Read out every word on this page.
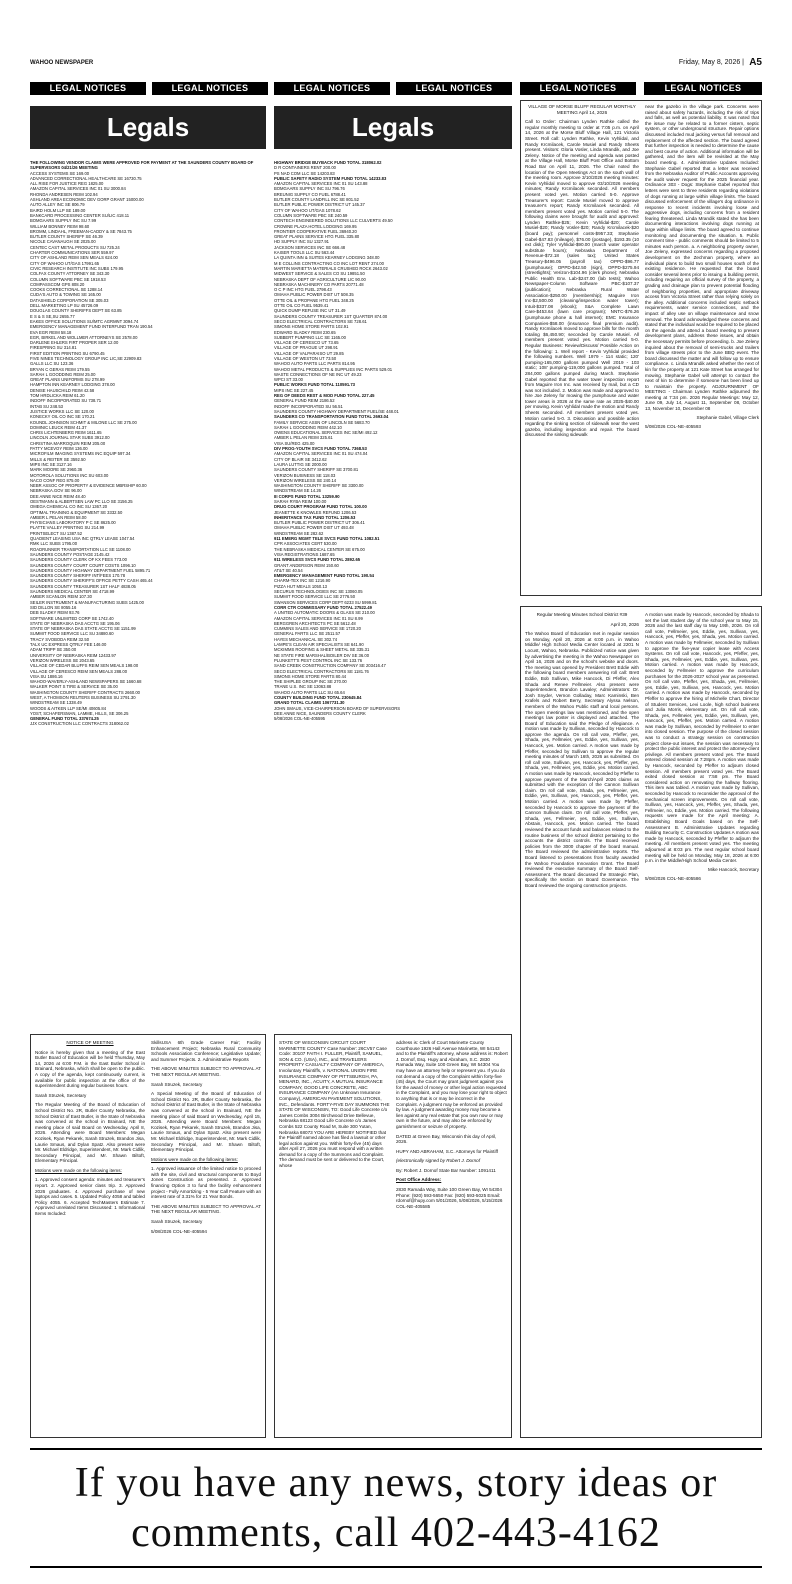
WAHOO NEWSPAPER	Friday, May 8, 2026 | A5
LEGAL NOTICES	LEGAL NOTICES	LEGAL NOTICES	LEGAL NOTICES	LEGAL NOTICES	LEGAL NOTICES
Legals	Legals
THE FOLLOWING VENDOR CLAIMS WERE APPROVED FOR PAYMENT AT THE SAUNDERS COUNTY BOARD OF SUPERVISORS 04/21/26 MEETING
ACCESS SYSTEMS SE 169.00
ADVANCED CORRECTIONAL HEALTHCARE SE 16730.75
ALL RISE FOR JUSTICE REG 1825.00
AMAZON CAPITAL SERVICES INC 01 SU 3000.84
RHONDA ANDRESEN REIM 102.94
ASHLAND AREA ECONOMIC DEV GORP GRANT 15000.00
AUTO ALLEY INC SE 806.79
BAIRD HOLM LLP SE 189.00
BANKCARD PROCESSING CENTER SU/LIC 418.11
BOMGAARS SUPPLY INC SU 7.99
WILLIAM BONNEY REIM 98.60
BROMM, LINDAHL, FREEMAN-CADDY & SE 7843.75
BUTLER COUNTY SHERIFF SE 46.39
NICOLE CAVANAUGH SE 2025.00
CENTEC CAST METAL PRODUCTS SU 725.24
CHARTER COMMUNICATIONS SER 559.97
CITY OF ASHLAND REIM SEN MEALS 624.00
CITY OF WAHOO UT/GAS 17991.65
CIVIC RESEARCH INSTITUTE INC SUBS 179.95
COLFAX COUNTY ATTORNEY SE 343.30
COLUMN SOFTWARE PBC SE 1918.53
COMPASSCOM GPS 808.20
COOKS CORRECTIONAL SE 1288.14
CUDA'S AUTO & TOWING SE 165.00
DATASHIELD CORPORATION SE 305.03
DELL MARKETING LP SU 45726.09
DOUGLAS COUNTY SHERIFFS DEPT SE 63.85
E S & S SE,SU 2655.77
EAKES OFFICE SOLUTIONS SU/MTC AGRMNT 3094.74
EMERGENCY MANAGEMENT FUND INTERFUND TRAN 190.54
EVA EGR REIM 58.18
EGR, BIRKEL AND WOLLMER ATTORNEYS SE 2578.00
DARLENE EHLERS FIRT PROPER SER 12.00
FIRESPRING SU 314.81
FIRST EDITION PRINTING SU 6790.45
FIVE NINES TECHNOLOGY GROUP INC LIC,SE 22909.83
GALLS LLC SU 123.36
BRYAN C GERAS REIM 179.55
SARAH L GOODDING REIM 25.00
GREAT PLAINS UNIFORMS SU 278.99
HAMPTON INN KEARNEY LODGING 378.00
DENISE HAUSCHILD REIM 42.58
TOM HRDLICKA REIM 61.20
INDOFF INCORPORATED SU 738.71
INTAB SU 248.53
JUSTICE WORKS LLC SE 120.00
KONECKY OIL CO INC SE 170.21
KOUNDL JOHNSON SCHMIT & MILONE LLC SE 275.00
DOMINIC LEUCK REIM 41.37
CHRIS LICHTENBERG REIM 1611.65
LINCOLN JOURNAL STAR SUBS 3912.00
CHRISTINA MARROQUIN REIM 205.00
PATTY MCEVOY REIM 136.00
MICROFILM IMAGING SYSTEMS INC EQUIP 597.34
MILLS & REITER SE 3592.50
MIPS INC SE 3127.16
MARK MOORE SE 2960.36
MOTOROLA SOLUTIONS INC SU 603.00
NACO CONF REG 875.00
NEBR ASSOC OF PROPERTY & EVIDENCE MBRSHIP 60.00
NEBRASKA.GOV SE 96.00
DEE ANNE NICE REIM 48.40
OESTMANN & ALBERTSEN LAW PC LLO SE 3156.25
OMEGA CHEMICAL CO INC SU 1367.20
OPTIMAL TRAINING & EQUIPMENT SE 3332.50
AMBER L PELAN REIM 58.00
PHYSICIANS LABORATORY P C SE 8625.00
PLATTE VALLEY PRINTING SU 214.99
PRINTSELECT SU 1387.52
QUADIENT LEASING USA INC QTRLY LEASE 1047.54
RMK LLC SUBS 1795.00
ROADRUNNER TRANSPORTATION LLC SE 1108.00
SAUNDERS COUNTY POSTAGE 2145.42
SAUNDERS COUNTY CLERK OF KX FEES 773.00
SAUNDERS COUNTY COURT COURT COSTS 1096.10
SAUNDERS COUNTY HIGHWAY DEPARTMENT FUEL 5895.71
SAUNDERS COUNTY SHERIFF INT/FEES 170.78
SAUNDERS COUNTY SHERIFF'S OFFICE PETTY CASH 465.44
SAUNDERS COUNTY TREASURER 1ST HALF 4838.05
SAUNDERS MEDICAL CENTER SE 4718.99
AMBER SCANLON REIM 107.30
SEILER INSTRUMENT & MANUFACTURING SUBS 1425.00
SID DILLON SE 8055.16
DEB SLADKY REIM 93.76
SOFTWARE UNLIMITED CORP SE 1742.40
STATE OF NEBRASKA DAS ACCTG SE 195.06
STATE OF NEBRASKA DAS STATE ACCTG SE 1151.99
SUMMIT FOOD SERVICE LLC SU 34880.60
TRACY SVOBODA REIM 32.50
TALX UC EXPRESS QTRLY FEE 146.00
ADAM TRIPP SE 350.00
UNIVERSITY OF NEBRASKA REIM 12433.97
VERIZON WIRELESS SE 2043.65
VILLAGE OF CEDAR BLUFFS REIM SEN MEALS 198.00
VILLAGE OF CERESCO REIM SEN MEALS 288.00
VISA SU 1886.16
WAHOO-WAVERLY-ASHLAND NEWSPAPERS SE 1660.68
WALKER POINT S TIRE & SERVICE SE 35.00
WASHINGTON COUNTY SHERIFF CONTRACTS 2660.00
WEST, A THOMSON REUTERS BUSINESS SU 2791.30
WINDSTREAM SE 1338.49
WOODS & AITKEN LLP SE/MI 40605.84
YOST, SCHAFERSMAN, LAMME, HILLS, SE 306.25
GENERAL FUND TOTAL 337674.25
JJX CONSTRUCTION LLC CONTRACTS 318062.02
HIGHWAY BRIDGE BUYBACK FUND TOTAL 318062.02
D R CONTAINERS RENT 200.00
PS NAD COM LLC SE 14203.83
PUBLIC SAFETY RADIO SYSTEM FUND TOTAL 14233.83
AMAZON CAPITAL SERVICES INC 01 SU 143.88
BOMGAARS SUPPLY INC SU 796.76
BREUNIG SUPPLY CO FUEL 6788.41
BUTLER COUNTY LANDFILL INC SE 801.52
BUTLER PUBLIC POWER DISTRICT UT 145.37
CITY OF WAHOO UT/GAS 1078.62
COLUMN SOFTWARE PBC SE 240.59
CONTECH ENGINEERED SOLUTIONS LLC CULVERTS 49.50
CROWNE PLAZA HOTEL LODGING 169.95
FRONTIER COOPERATIVE FUEL 36940.20
GREAT PLAINS SERVICE HTG FUEL 335.80
HD SUPPLY INC SU 1327.91
JACKSON SERVICES INC SE 666.48
KAISER TOOLS LLC SU 563.44
LA QUINTA INN & SUITES KEARNEY LODGING 348.00
M E COLLINS CONTRACTING CO INC LOT RENT 274.00
MARTIN MARIETTA MATERIALS CRUSHED ROCK 2643.02
MIDWEST SERVICE & SALES CO SU 19851.50
NEBRASKA DEPT OF AGRICULTURE LIC 90.00
NEBRASKA MACHINERY CO PARTS 20771.48
O C P INC HTG FUEL 2798.43
OMAHA PUBLIC POWER DIST UT 508.35
OTTE OIL & PROPANE HTG FUEL 348.25
OTTE OIL CO FUEL 9539.41
QUICK DUMP REFUSE INC UT 31.49
SAUNDERS COUNTY TREASURER 1ST QUARTER 874.00
SECO ELECTRICAL CONTRACTORS SE 728.61
SIMONS HOME STORE PARTS 102.91
EDWARD SLADKY REIM 230.65
SUBBERT PUMPING LLC SE 1165.00
VILLAGE OF CERESCO UT 73.65
VILLAGE OF PRAGUE UT 298.91
VILLAGE OF VALPARAISO UT 29.85
VILLAGE OF WESTON UT 73.50
WAHOO AUTO PARTS LLC PARTS 814.95
WAHOO METAL PRODUCTS & SUPPLIES INC PARTS 529.01
WASTE CONNECTIONS OF NE INC UT 49.23
WPCI ST 33.00
PUBLIC WORKS FUND TOTAL 110591.73
MIPS INC SE 227.45
REG OF DEEDS REST & MOD FUND TOTAL 227.45
GENERAL FUND REIM 2186.52
INDOFF INCORPORATED SU 56.51
SAUNDERS COUNTY HIGHWAY DEPARTMENT FUEL/SE 448.01
SAUNDERS CO TRANSPORTATION FUND TOTAL 2693.04
FAMILY SERVICE ASSN OF LINCOLN SE 5683.70
SARAH L GOODDING REIM 442.10
OWENS EDUCATIONAL SERVICES INC SE/MI 492.12
AMBER L PELAN REIM 325.61
VISA SU/REG 425.00
DIV PROG-YOUTH SVCS FUND TOTAL 7368.53
AMAZON CAPITAL SERVICES INC 01 SU 474.04
CITY OF BLAIR SE 3412.62
LAURA LUTTIG SE 2000.00
SAUNDERS COUNTY SHERIFF SE 3700.81
VERIZON BUSINESS SE 118.03
VERIZON WIRELESS SE 240.14
WASHINGTON COUNTY SHERIFF SE 3300.00
WINDSTREAM SE 14.26
III CORPS FUND TOTAL 13259.90
SARAH RYBA REIM 100.00
DRUG COURT PROGRAM FUND TOTAL 100.00
JEANETTE K KNOWLES REFUND 1206.53
INHERITANCE TAX FUND TOTAL 1206.53
BUTLER PUBLIC POWER DISTRICT UT 306.41
OMAHA PUBLIC POWER DIST UT 493.48
WINDSTREAM SE 282.62
911 EMERG MGMT TELE SVCS FUND TOTAL 1082.51
CPR ASSOCIATES CERT 530.00
THE NEBRASKA MEDICAL CENTER SE 675.00
VISA REGISTRATIONS 1687.65
911 WIRELESS SVCS FUND TOTAL 2892.65
GRANT ANDERSON REIM 150.60
AT&T SE 40.54
EMERGENCY MANAGEMENT FUND TOTAL 190.54
CHARM-TEX INC SE 1216.90
PIZZA HUT MEALS 1050.13
SECURUS TECHNOLOGIES INC SE 13060.05
SUMMIT FOOD SERVICE LLC SE 2776.50
SWANSON SERVICES CORP DEPT 6233 SU 5999.81
CORR CTR COMMISSARY FUND TOTAL 27522.49
A UNITED AUTOMATIC DOORS & GLASS SE 210.00
AMAZON CAPITAL SERVICES INC 01 SU 8.99
BERGGREN ARCHITECTS PC SE 5612.48
CUMMINS SALES AND SERVICE SE 1720.20
GENERAL PARTS LLC SE 2511.57
HAYES MECHANICAL SE 302.74
LAMPE'S CLEAN AIR SPECIALISTS SE 641.90
MCKIMMS ROOFING & SHEET METAL SE 335.31
NE STATE FIRE MARSHAL/BOILER DIV SE 36.00
PLUNKETT'S PEST CONTROL INC SE 133.76
SAND CREEK CONSTRUCTION COMPANY SE 203416.47
SECO ELECTRICAL CONTRACTORS SE 1181.76
SIMONS HOME STORE PARTS 80.44
THE SHIPLEE GROUP INC SE 270.00
TRANE U.S. INC SE 13063.88
WAHOO AUTO PARTS LLC SU 65.64
COUNTY BUILDING FUND TOTAL 230645.84
GRAND TOTAL CLAIMS 1067731.30
JOHN SMAUS, VICE-CHAIRPERSON BOARD OF SUPERVISORS
DEE ANNE NICE, SAUNDERS COUNTY CLERK
5/08/2026 COL-NE-405595
VILLAGE OF MORSE BLUFF REGULAR MONTHLY MEETING April 14, 2026
Call to Order: Chairman Lynden Rathke called the regular monthly meeting to order at 7:05 p.m. on April 14, 2026 at the Morse Bluff Village Hall, 121 Victoria Street. Roll call: Lynden Rathke, Kevin Vyhlidal, and Randy Krcmilacek, Carole Musiel and Randy Sheets present. Visitors: Gloria Vosler, Linda Mrandik, and Joe Zeleny. Notice of the meeting and agenda was posted at the Village Hall, Morse Bluff Post Office and Bottom Road Bar on April 11, 2026. The Chair noted the location of the Open Meetings Act on the south wall of the meeting room. Approve 3/10/2026 meeting minutes: Kevin Vyhlidal moved to approve 03/10/2026 meeting minutes; Randy Krcmilacek seconded. All members present voted yes. Motion carried 5-0. Approve Treasurer's report: Carole Musiel moved to approve treasurer's report; Randy Krcmilacek seconded. All members present voted yes. Motion carried 5-0. The following claims were brought for audit and approved: Lynden Rathke-$25; Kevin Vyhlidal-$20; Carole Musiel-$20; Randy Vosler-$20; Randy Krcmilacek-$20 (board pay); personnel costs-$957.33; Stephanie Gabel-$47.83 (mileage), $76.00 (postage), $193.35 (10 ext disk); Tyler Vyhlidal-$90.00 (march water operator substitute hours); Nebraska Department of Revenue-$72.18 (sales tax); United States Treasury-$496.05 (payroll tax) OPPD-$96.77 (pumphouse); OPPD-$42.50 (sign), OPPD-$275.94 (streetlights); Verizon-$104.96 (clerk phone); Nebraska Public Health Env. Lab-$247.00 (lab tests); Wahoo Newspaper-Column Software PBC-$107.37 (publication); Nebraska Rural Water Association-$250.00 (membership); Maguire Iron Inc-$2,500.00 (cleaning/inspection water tower); Intuit-$337.08 (ebook); S&A Complete Lawn Care-$453.64 (lawn care program); NNTC-$76.26 (pumphouse phone & hall internet); EMC Insurance Companies-$58.00 (insurance final premium audit). Randy Krcmilacek moved to approve bills for the month totaling $6,450.90; seconded by Carole Musiel. All members present voted yes. Motion carried 5-0. Regular Business: Review/Discuss/ Possible Action on the following: 1. Well report - Kevin Vyhlidal provided the following numbers. Well 1979 - 114 static; 120' pumping-165,000 gallons pumped Well 2019 - 103 static; 108' pumping-119,000 gallons pumped. Total of 284,000 gallons pumped during March. Stephanie Gabel reported that the water tower inspection report from Maguire Iron Inc. was received by mail, but a CD was not included. 2. Motion was made and approved to hire Joe Zeleny for mowing the pumphouse and water tower areas in 2026 at the same rate as 2025-$40.00 per mowing. Kevin Vyhlidal made the motion and Randy Sheets seconded. All members present voted yes. Motion carried 5-0. 3. Discussion and possible action regarding the sinking section of sidewalk near the west gazebo, including inspection and repair. The board discussed the sinking sidewalk
near the gazebo in the village park. Concerns were raised about safety hazards, including the risk of trips and falls, as well as potential liability. It was noted that the issue may be related to a former cistern, septic system, or other underground structure. Repair options discussed included mud jacking versus full removal and replacement of the affected section. The board agreed that further inspection is needed to determine the cause and best course of action. Additional information will be gathered, and the item will be revisited at the May board meeting. 4. Administrative Updates Included: Stephanie Gabel reported that a letter was received from the Nebraska Auditor of Public Accounts approving the audit waiver request for the 2025 financial year. Ordinance 303 - Dogs: Stephanie Gabel reported that letters were sent to three residents regarding violations of dogs running at large within village limits. The board discussed enforcement of the village's dog ordinance in response to recent incidents involving loose and aggressive dogs, including concerns from a resident fearing threatened. Linda Mrandik stated she has been documenting interactions involving dogs running at large within village limits. The board agreed to continue monitoring and documenting the situation. 5. Public comment time - public comments should be limited to 5 minutes each person. a. A neighboring property owner, Joe Zeleny, expressed concerns regarding a proposed development on the Zechman property, where an individual plans to build two small houses south of the existing residence. He requested that the board consider several items prior to issuing a building permit, including requiring an official survey of the property, a grading and drainage plan to prevent potential flooding of neighboring properties, and appropriate driveway access from Victoria Street rather than relying solely on the alley. Additional concerns included septic setback requirements, water service connections, and the impact of alley use on village maintenance and snow removal. The board acknowledged these concerns and stated that the individual would be required to be placed on the agenda and attend a board meeting to present development plans, address these issues, and obtain the necessary permits before proceeding. b. Joe Zeleny inquired about the removal of semi-trucks and trailers from village streets prior to the June BBQ event. The board discussed the matter and will follow up to ensure compliance. c. Linda Mrandik asked whether the next of kin for the property at 121 Kate Street has arranged for mowing. Stephanie Gabel will attempt to contact the next of kin to determine if someone has been lined up to maintain the property. ADJOURNMENT OF MEETING - Chairman Lynden Rathke adjourned the meeting at 7:34 pm. 2026 Regular Meetings: May 12, June 09, July 14, August 11, September 08, October 13, November 10, December 08

Stephanie Gabel, Village Clerk

5/08/2026 COL-NE-405593

Regular Meeting Minutes School District #39
April 20, 2026
The Wahoo Board of Education met in regular session on Monday, April 20, 2026 at 6:00 p.m. in Wahoo Middle/ High School Media Center located at 2201 N Locust, Wahoo, Nebraska. Publicized notice was given by advertising the meeting in the Wahoo Newspaper on April 16, 2026 and on the school's website and doors. The meeting was opened by President Brett Eddie with the following board members answering roll call: Brett Eddie, Bob Sullivan, Mike Hancock, Di Pfeffer, Alex Shada and Renee Fellmeier. Also present were Superintendent, Brandon Lavaley; Administrators: Dr. Josh Snyder, Vernon Golladay, Marc Kaminski, Ben Krafels and Robert Berry, Secretary Alyssa Nelson, members of the Wahoo Public staff and local persons. The open meetings law was mentioned, and the open meetings law poster is displayed and attached. The Board of Education said the Pledge of Allegiance. A motion was made by Sullivan, seconded by Hancock to approve the agenda. On roll call vote, Pfeffer, yes, Shada, yes, Fellmeier, yes, Eddie, yes, Sullivan, yes, Hancock, yes. Motion carried. A motion was made by Pfeffer, seconded by Sullivan to approve the regular meeting minutes of March 16th, 2026 as submitted. On roll call vote, Sullivan, yes, Hancock, yes, Pfeffer, yes, Shada, yes, Fellmeier, yes, Eddie, yes. Motion carried. A motion was made by Hancock, seconded by Pfeffer to approve payment of the March/April 2026 claims as submitted with the exception of the Cannon Sullivan claim. On roll call vote, Shada, yes, Fellmeier, yes, Eddie, yes, Sullivan, yes, Hancock, yes, Pfeffer, yes. Motion carried. A motion was made by Pfeffer, seconded by Hancock to approve the payment of the Cannon Sullivan claim. On roll call vote, Pfeffer, yes, Shada, yes, Fellmeier, yes, Eddie, yes, Sullivan, Abstain, Hancock, yes. Motion carried. The board reviewed the account funds and balances related to the routine business of the school district pertaining to the accounts the district controls. The Board received policies from the 3000 chapter of the board manual. The Board reviewed the administrative reports. The Board listened to presentations from faculty awarded the Wahoo Foundation Innovation Grant. The Board reviewed the executive summary of the Board Self-Assessment. The Board discussed the Strategic Plan, specifically the section on Board Governance. The Board reviewed the ongoing construction projects.
A motion was made by Hancock, seconded by Shada to set the last student day of the school year to May 15, 2026 and the last staff day to May 19th, 2026. On roll call vote, Fellmeier, yes, Eddie, yes, Sullivan, yes, Hancock, yes, Pfeffer, yes, Shada, yes. Motion carried. A motion was made by Fellmeier, seconded by Sullivan to approve the five-year copier lease with Access Systems. On roll call vote, Hancock, yes, Pfeffer, yes, Shada, yes, Fellmeier, yes, Eddie, yes, Sullivan, yes. Motion carried. A motion was made by Hancock, seconded by Fellmeier to approve the curriculum purchases for the 2026-2027 school year as presented. On roll call vote, Pfeffer, yes, Shada, yes, Fellmeier, yes, Eddie, yes, Sullivan, yes, Hancock, yes. Motion carried. A motion was made by Hancock, seconded by Pfeffer to approve the hiring of Michelle Chart, Director of Student Services, Levi Loole, high school business and Julia Morris, elementary art. On roll call vote, Shada, yes, Fellmeier, yes, Eddie, yes, Sullivan, yes, Hancock, yes, Pfeffer, yes. Motion carried. A motion was made by Sullivan, seconded by Fellmeier to enter into closed session. The purpose of the closed session was to conduct a strategy session on construction project close-out issues, the session was necessary to protect the public interest and protect the attorney-client privilege. All members present voted yes. The Board entered closed session at 7:28pm. A motion was made by Hancock, seconded by Pfeffer to adjourn closed session. All members present voted yes. The Board exited closed session at 7:58 pm. The Board considered action on renovating the hallway flooring. This item was tabled. A motion was made by Sullivan, seconded by Hancock to reconsider the approval of the mechanical screen improvements. On roll call vote, Sullivan, yes, Hancock, yes, Pfeffer, yes, Shada, yes, Fellmeier, no, Eddie, yes. Motion carried. The following requests were made for the April meeting: A. Establishing Board Goals based on the Self-Assessment B. Administrative Updates regarding Building Security C. Construction Updates A motion was made by Hancock, seconded by Pfeffer to adjourn the meeting. All members present voted yes. The meeting adjourned at 8:03 pm. The next regular school board meeting will be held on Monday, May 18, 2026 at 6:00 p.m. in the Middle/High School Media Center.

Mike Hancock, Secretary

5/08/2026 COL-NE-405586

NOTICE OF MEETING

Notice is hereby given that a meeting of the East Butler Board of Education will be held Thursday, May 14, 2026 at 6:00 P.M. in the East Butler School in Brainard, Nebraska, which shall be open to the public. A copy of the agenda, kept continuously current, is available for public inspection at the office of the superintendent during regular business hours.

Sarah Struzek, Secretary

The Regular Meeting of the Board of Education of School District No. 2R, Butler County Nebraska, the School District of East Butler, in the State of Nebraska was convened at the school in Brainard, NE the meeting place of said Board on Wednesday, April 8, 2026. Attending were Board Members: Megan Kozisek, Ryan Pekarek, Sarah Struzek, Brandon Jisa, Laurie Smaus, and Dylan Spatz. Also present were Mr. Michael Eldridge, Superintendent, Mr. Mark Cidlik, Secondary Principal, and Mr. Shawn Biltoft, Elementary Principal.

Motions were made on the following items:

1. Approved consent agenda: minutes and treasurer's report. 2. Approved senior class trip. 3. Approved 2026 graduates. 4. Approved purchase of new laptops and cases. 5. Updated Policy 4058 and tabled Policy 4055. 6. Accepted TechMasters Estimate 7. Approved unrelated Items Discussed: 1 Informational Items Included:

SkillsUSA 6th Grade Career Fair; Facility Enhancement Project; Nebraska Rural Community Schools Association Conference; Legislative Update; and Summer Projects. 2. Administrative Reports

THE ABOVE MINUTES SUBJECT TO APPROVAL AT THE NEXT REGULAR MEETING.

Sarah Struzek, Secretary

A Special Meeting of the Board of Education of School District No. 2R, Butler County Nebraska, the School District of East Butler, in the State of Nebraska was convened at the school in Brainard, NE the meeting place of said Board on Wednesday, April 15, 2026. Attending were Board Members: Megan Kozisek, Ryan Pekarek, Sarah Struzek, Brandon Jisa, Laurie Smaus, and Dylan Spatz. Also present were Mr. Michael Eldridge, Superintendent, Mr. Mark Cidlik, Secondary Principal, and Mr. Shawn Biltoft, Elementary Principal.

Motions were made on the following items:

1. Approved issuance of the limited notice to proceed with the site, civil and structural components to Boyd Jones Construction as presented. 2. Approved financing Option 3 to fund the facility enhancement project - Fully Amortizing - 5 Year Call Feature with an interest rate of 3.31% for 21 Year Bonds.

THE ABOVE MINUTES SUBJECT TO APPROVAL AT THE NEXT REGULAR MEETING.

Sarah Struzek, Secretary

5/08/2026 COL-NE-405594

STATE OF WISCONSIN CIRCUIT COURT MARINETTE COUNTY Case Number: 26CV57 Case Code: 30107 FAITH I. FULLER, Plaintiff, SAMUEL, SON & CO. (USA), INC., and TRAVELERS PROPERTY CASUALTY COMPANY OF AMERICA, Involuntary Plaintiffs, v. NATIONAL UNION FIRE INSURANCE COMPANY OF PITTSBURGH, PA, MENARD, INC., ACUITY, A MUTUAL INSURANCE COMPANY, GOOD LIFE CONCRETE, ABC INSURANCE COMPANY (An Unknown Insurance Company), AMERICAN PAVEMENT SOLUTIONS, INC., Defendants. FORTY-FIVE DAY SUMMONS THE STATE OF WISCONSIN, TO: Good Life Concrete c/o James Combs 3004 Birchwood Drive Bellevue, Nebraska 68123 Good Life Concrete c/o James Combs 522 County Road M, Suite 300 Yutan, Nebraska 68073 YOU ARE HEREBY NOTIFIED that the Plaintiff named above has filed a lawsuit or other legal action against you. Within forty-five (45) days after April 27, 2026 you must respond with a written demand for a copy of the Summons and Complaint. The demand must be sent or delivered to the Court, whose

address is: Clerk of Court Marinette County Courthouse 1926 Hall Avenue Marinette, WI 54143 and to the Plaintiff's attorney, whose address is: Robert J. Dornof, Esq. Hupy and Abraham, S.C. 2830 Ramada Way, Suite 100 Green Bay, WI 54304 You may have an attorney help or represent you. If you do not demand a copy of the Complaint within forty-five (45) days, the Court may grant judgment against you for the award of money or other legal action requested in the Complaint, and you may lose your right to object to anything that is or may be incorrect in the Complaint. A judgment may be enforced as provided by law. A judgment awarding money may become a lien against any real estate that you own now or may own in the future, and may also be enforced by garnishment or seizure of property.

DATED at Green Bay, Wisconsin this day of April, 2026.

HUPY AND ABRAHAM, S.C. Attorneys for Plaintiff

(electronically signed by Robert J. Dornof

By: Robert J. Dornof State Bar Number: 1091411

Post Office Address:

2830 Ramada Way, Suite 100 Green Bay, WI 54304 Phone: (920) 593-5650 Fax: (920) 593-5025 Email: rdornof@hupy.com 5/01/2026, 5/08/2026, 5/15/2026 COL-NE-405585

If you have any news, story ideas or
comments, call 402-443-4162
